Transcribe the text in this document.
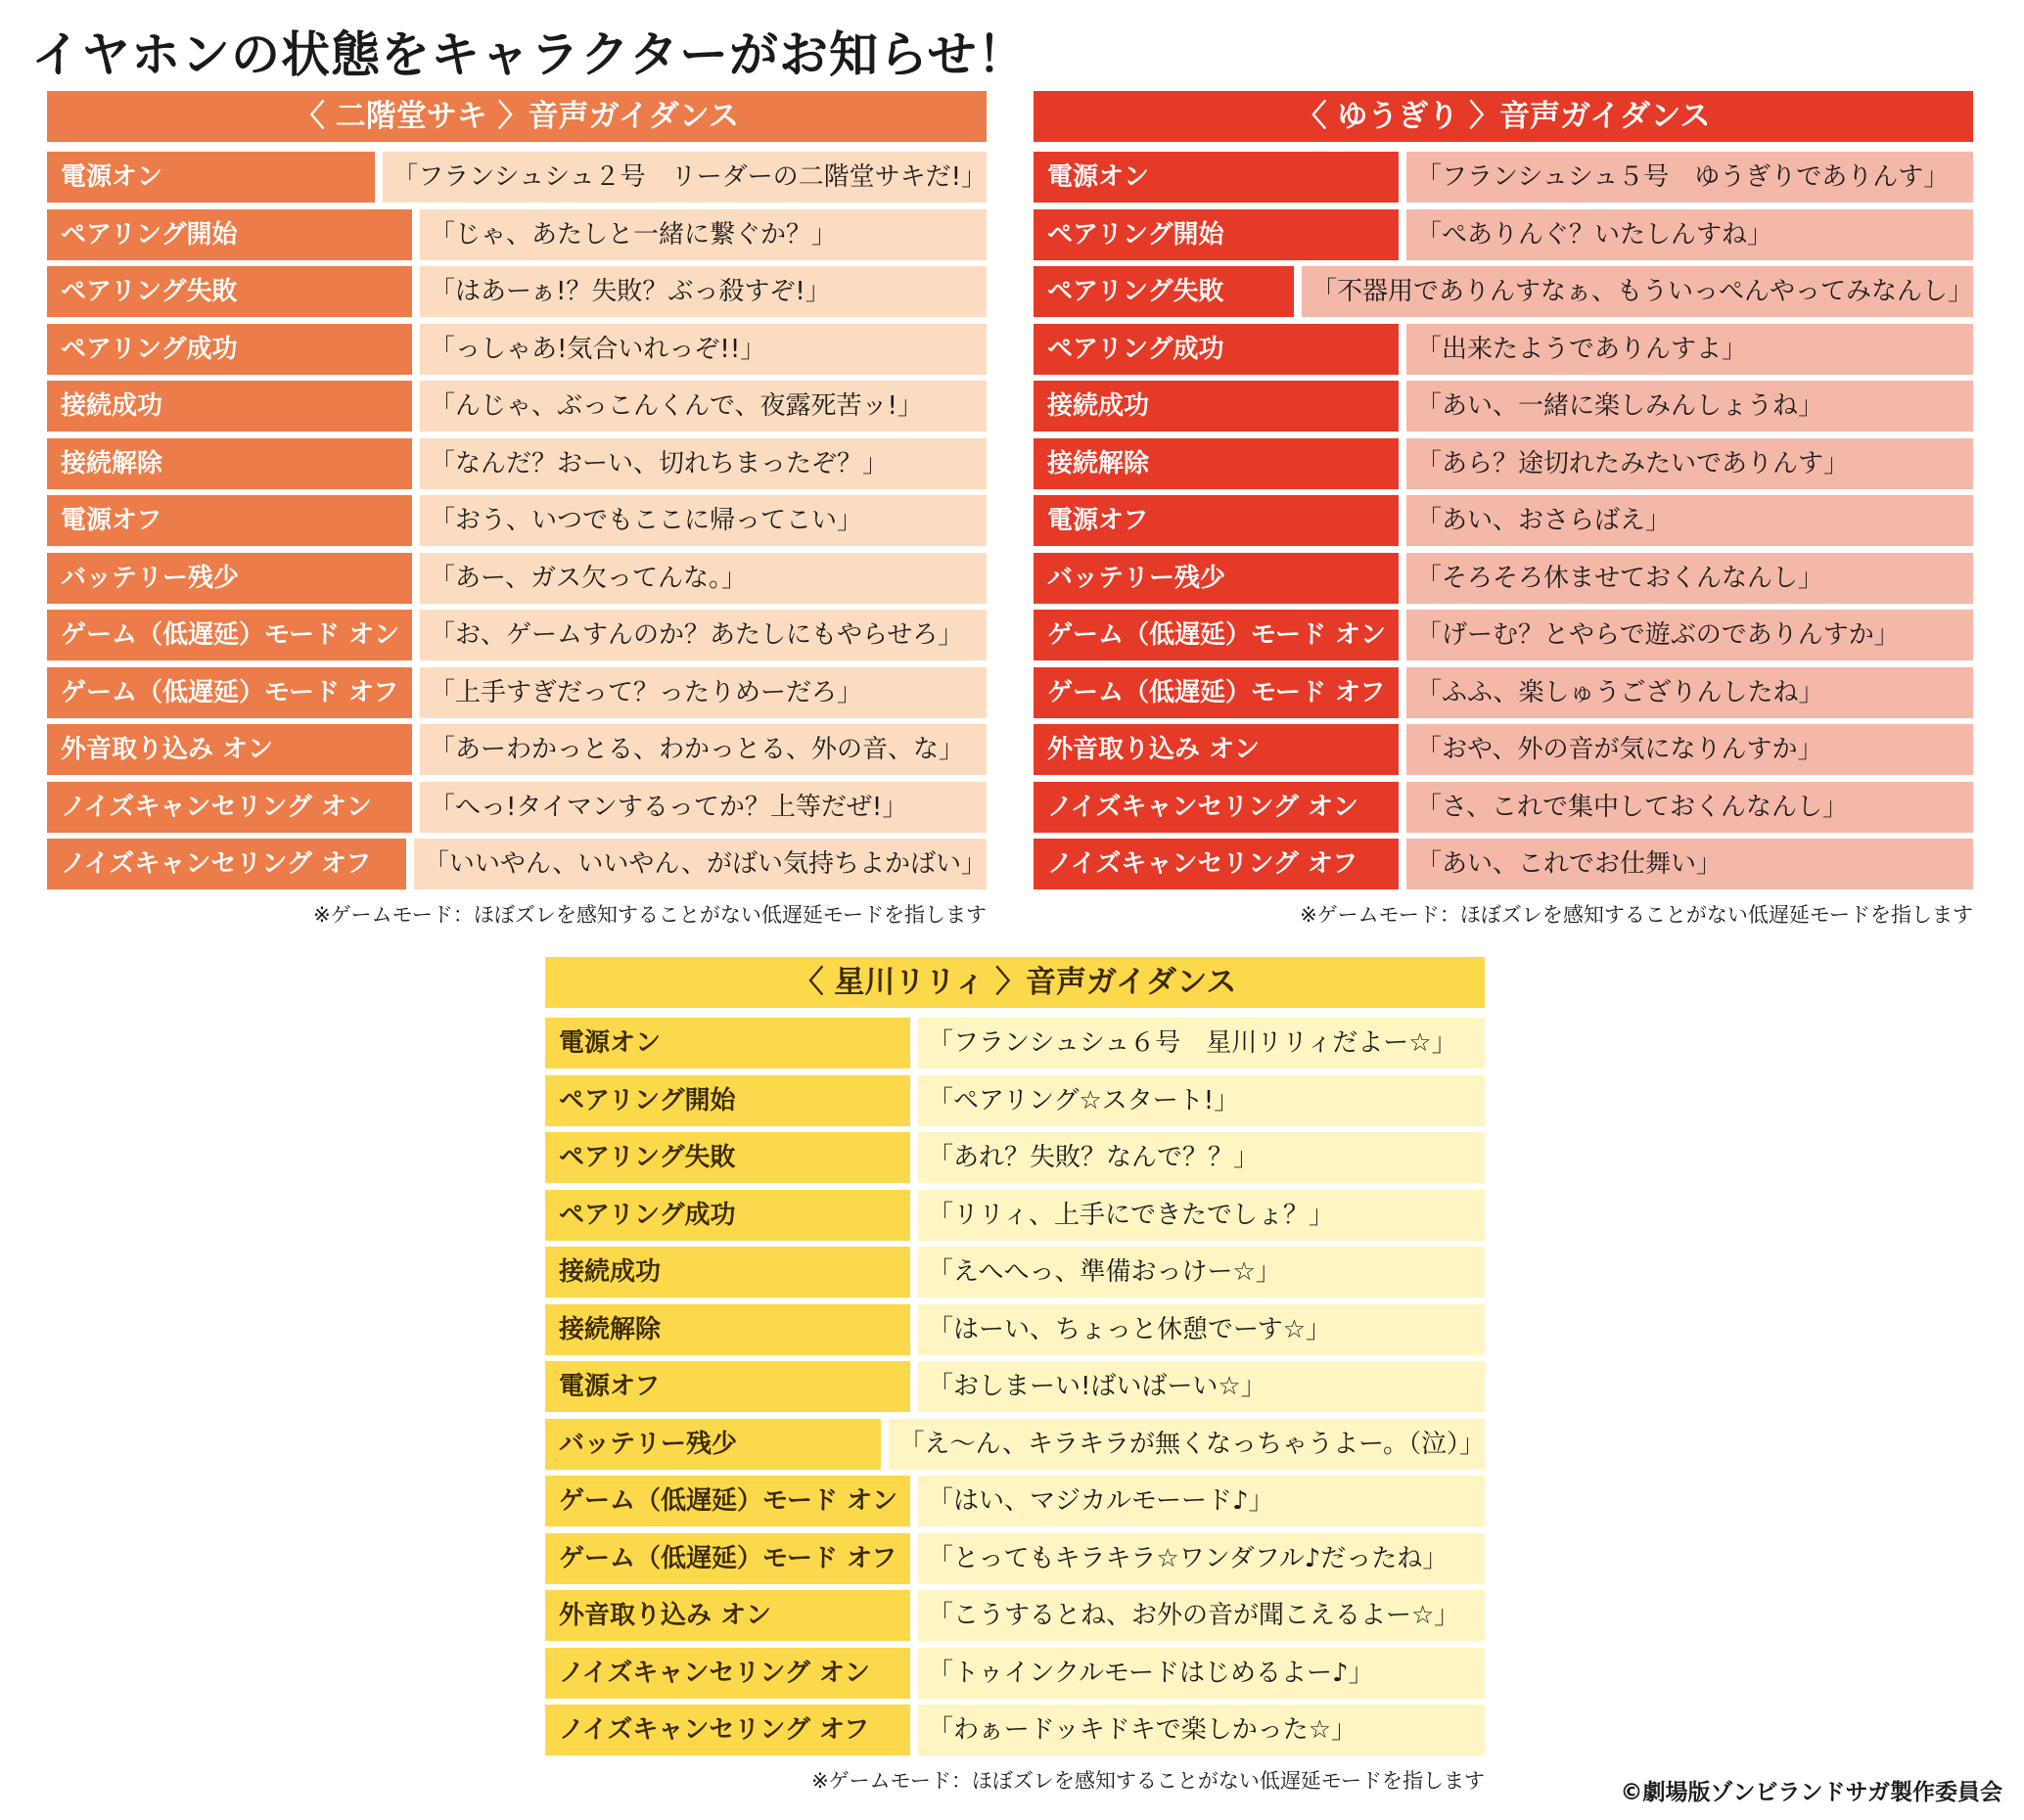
イヤホンの状態をキャラクターがお知らせ！
〈 二階堂サキ 〉音声ガイダンス
電源オン	「フランシュシュ２号　リーダーの二階堂サキだ!」
ペアリング開始	「じゃ、あたしと一緒に繋ぐか？」
ペアリング失敗	「はあーぁ!？失敗？ぶっ殺すぞ!」
ペアリング成功	「っしゃあ!気合いれっぞ!!」
接続成功	「んじゃ、ぶっこんくんで、夜露死苦ッ!」
接続解除	「なんだ？おーい、切れちまったぞ？」
電源オフ	「おう、いつでもここに帰ってこい」
バッテリー残少	「あー、ガス欠ってんな。」
ゲーム（低遅延）モード オン	「お、ゲームすんのか？あたしにもやらせろ」
ゲーム（低遅延）モード オフ	「上手すぎだって？ったりめーだろ」
外音取り込み オン	「あーわかっとる、わかっとる、外の音、な」
ノイズキャンセリング オン	「へっ!タイマンするってか？上等だぜ!」
ノイズキャンセリング オフ	「いいやん、いいやん、がばい気持ちよかばい」
※ゲームモード：ほぼズレを感知することがない低遅延モードを指します
〈 ゆうぎり 〉音声ガイダンス
電源オン	「フランシュシュ５号　ゆうぎりでありんす」
ペアリング開始	「ぺありんぐ？いたしんすね」
ペアリング失敗	「不器用でありんすなぁ、もういっぺんやってみなんし」
ペアリング成功	「出来たようでありんすよ」
接続成功	「あい、一緒に楽しみんしょうね」
接続解除	「あら？途切れたみたいでありんす」
電源オフ	「あい、おさらばえ」
バッテリー残少	「そろそろ休ませておくんなんし」
ゲーム（低遅延）モード オン	「げーむ？とやらで遊ぶのでありんすか」
ゲーム（低遅延）モード オフ	「ふふ、楽しゅうござりんしたね」
外音取り込み オン	「おや、外の音が気になりんすか」
ノイズキャンセリング オン	「さ、これで集中しておくんなんし」
ノイズキャンセリング オフ	「あい、これでお仕舞い」
※ゲームモード：ほぼズレを感知することがない低遅延モードを指します
〈 星川リリィ 〉音声ガイダンス
電源オン	「フランシュシュ６号　星川リリィだよー☆」
ペアリング開始	「ペアリング☆スタート!」
ペアリング失敗	「あれ？失敗？なんで？？」
ペアリング成功	「リリィ、上手にできたでしょ？」
接続成功	「えへへっ、準備おっけー☆」
接続解除	「はーい、ちょっと休憩でーす☆」
電源オフ	「おしまーい!ばいばーい☆」
バッテリー残少	「え～ん、キラキラが無くなっちゃうよー。（泣）」
ゲーム（低遅延）モード オン	「はい、マジカルモーード♪」
ゲーム（低遅延）モード オフ	「とってもキラキラ☆ワンダフル♪だったね」
外音取り込み オン	「こうするとね、お外の音が聞こえるよー☆」
ノイズキャンセリング オン	「トゥインクルモードはじめるよー♪」
ノイズキャンセリング オフ	「わぁードッキドキで楽しかった☆」
※ゲームモード：ほぼズレを感知することがない低遅延モードを指します	©劇場版ゾンビランドサガ製作委員会
